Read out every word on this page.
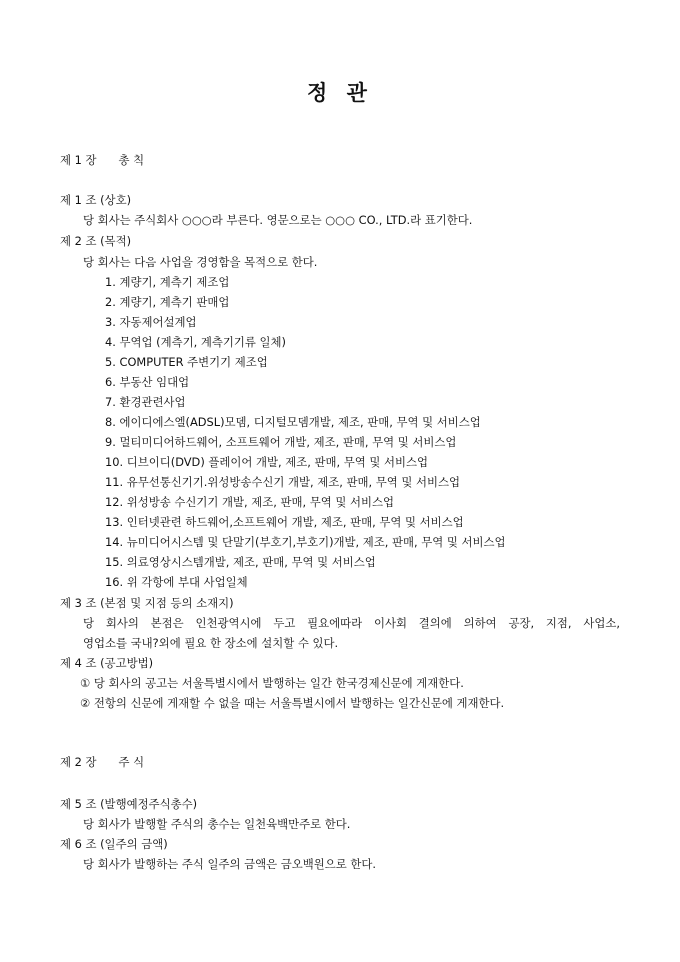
정 관
제 1 장 총 칙
제 1 조 (상호)
당 회사는 주식회사 ○○○라 부른다. 영문으로는 ○○○ CO., LTD.라 표기한다.
제 2 조 (목적)
당 회사는 다음 사업을 경영함을 목적으로 한다.
1. 계량기, 계측기 제조업
2. 계량기, 계측기 판매업
3. 자동제어설계업
4. 무역업 (계측기, 계측기기류 일체)
5. COMPUTER 주변기기 제조업
6. 부동산 임대업
7. 환경관련사업
8. 에이디에스엘(ADSL)모뎀, 디지털모뎀개발, 제조, 판매, 무역 및 서비스업
9. 멀티미디어하드웨어, 소프트웨어 개발, 제조, 판매, 무역 및 서비스업
10. 디브이디(DVD) 플레이어 개발, 제조, 판매, 무역 및 서비스업
11. 유무선통신기기.위성방송수신기 개발, 제조, 판매, 무역 및 서비스업
12. 위성방송 수신기기 개발, 제조, 판매, 무역 및 서비스업
13. 인터넷관련 하드웨어,소프트웨어 개발, 제조, 판매, 무역 및 서비스업
14. 뉴미디어시스템 및 단말기(부호기,부호기)개발, 제조, 판매, 무역 및 서비스업
15. 의료영상시스템개발, 제조, 판매, 무역 및 서비스업
16. 위 각항에 부대 사업일체
제 3 조 (본점 및 지점 등의 소재지)
당 회사의 본점은 인천광역시에 두고 필요에따라 이사회 결의에 의하여 공장, 지점, 사업소,
영업소를 국내?외에 필요 한 장소에 설치할 수 있다.
제 4 조 (공고방법)
① 당 회사의 공고는 서울특별시에서 발행하는 일간 한국경제신문에 게재한다.
② 전항의 신문에 게재할 수 없을 때는 서울특별시에서 발행하는 일간신문에 게재한다.
제 2 장 주 식
제 5 조 (발행예정주식총수)
당 회사가 발행할 주식의 총수는 일천육백만주로 한다.
제 6 조 (일주의 금액)
당 회사가 발행하는 주식 일주의 금액은 금오백원으로 한다.
